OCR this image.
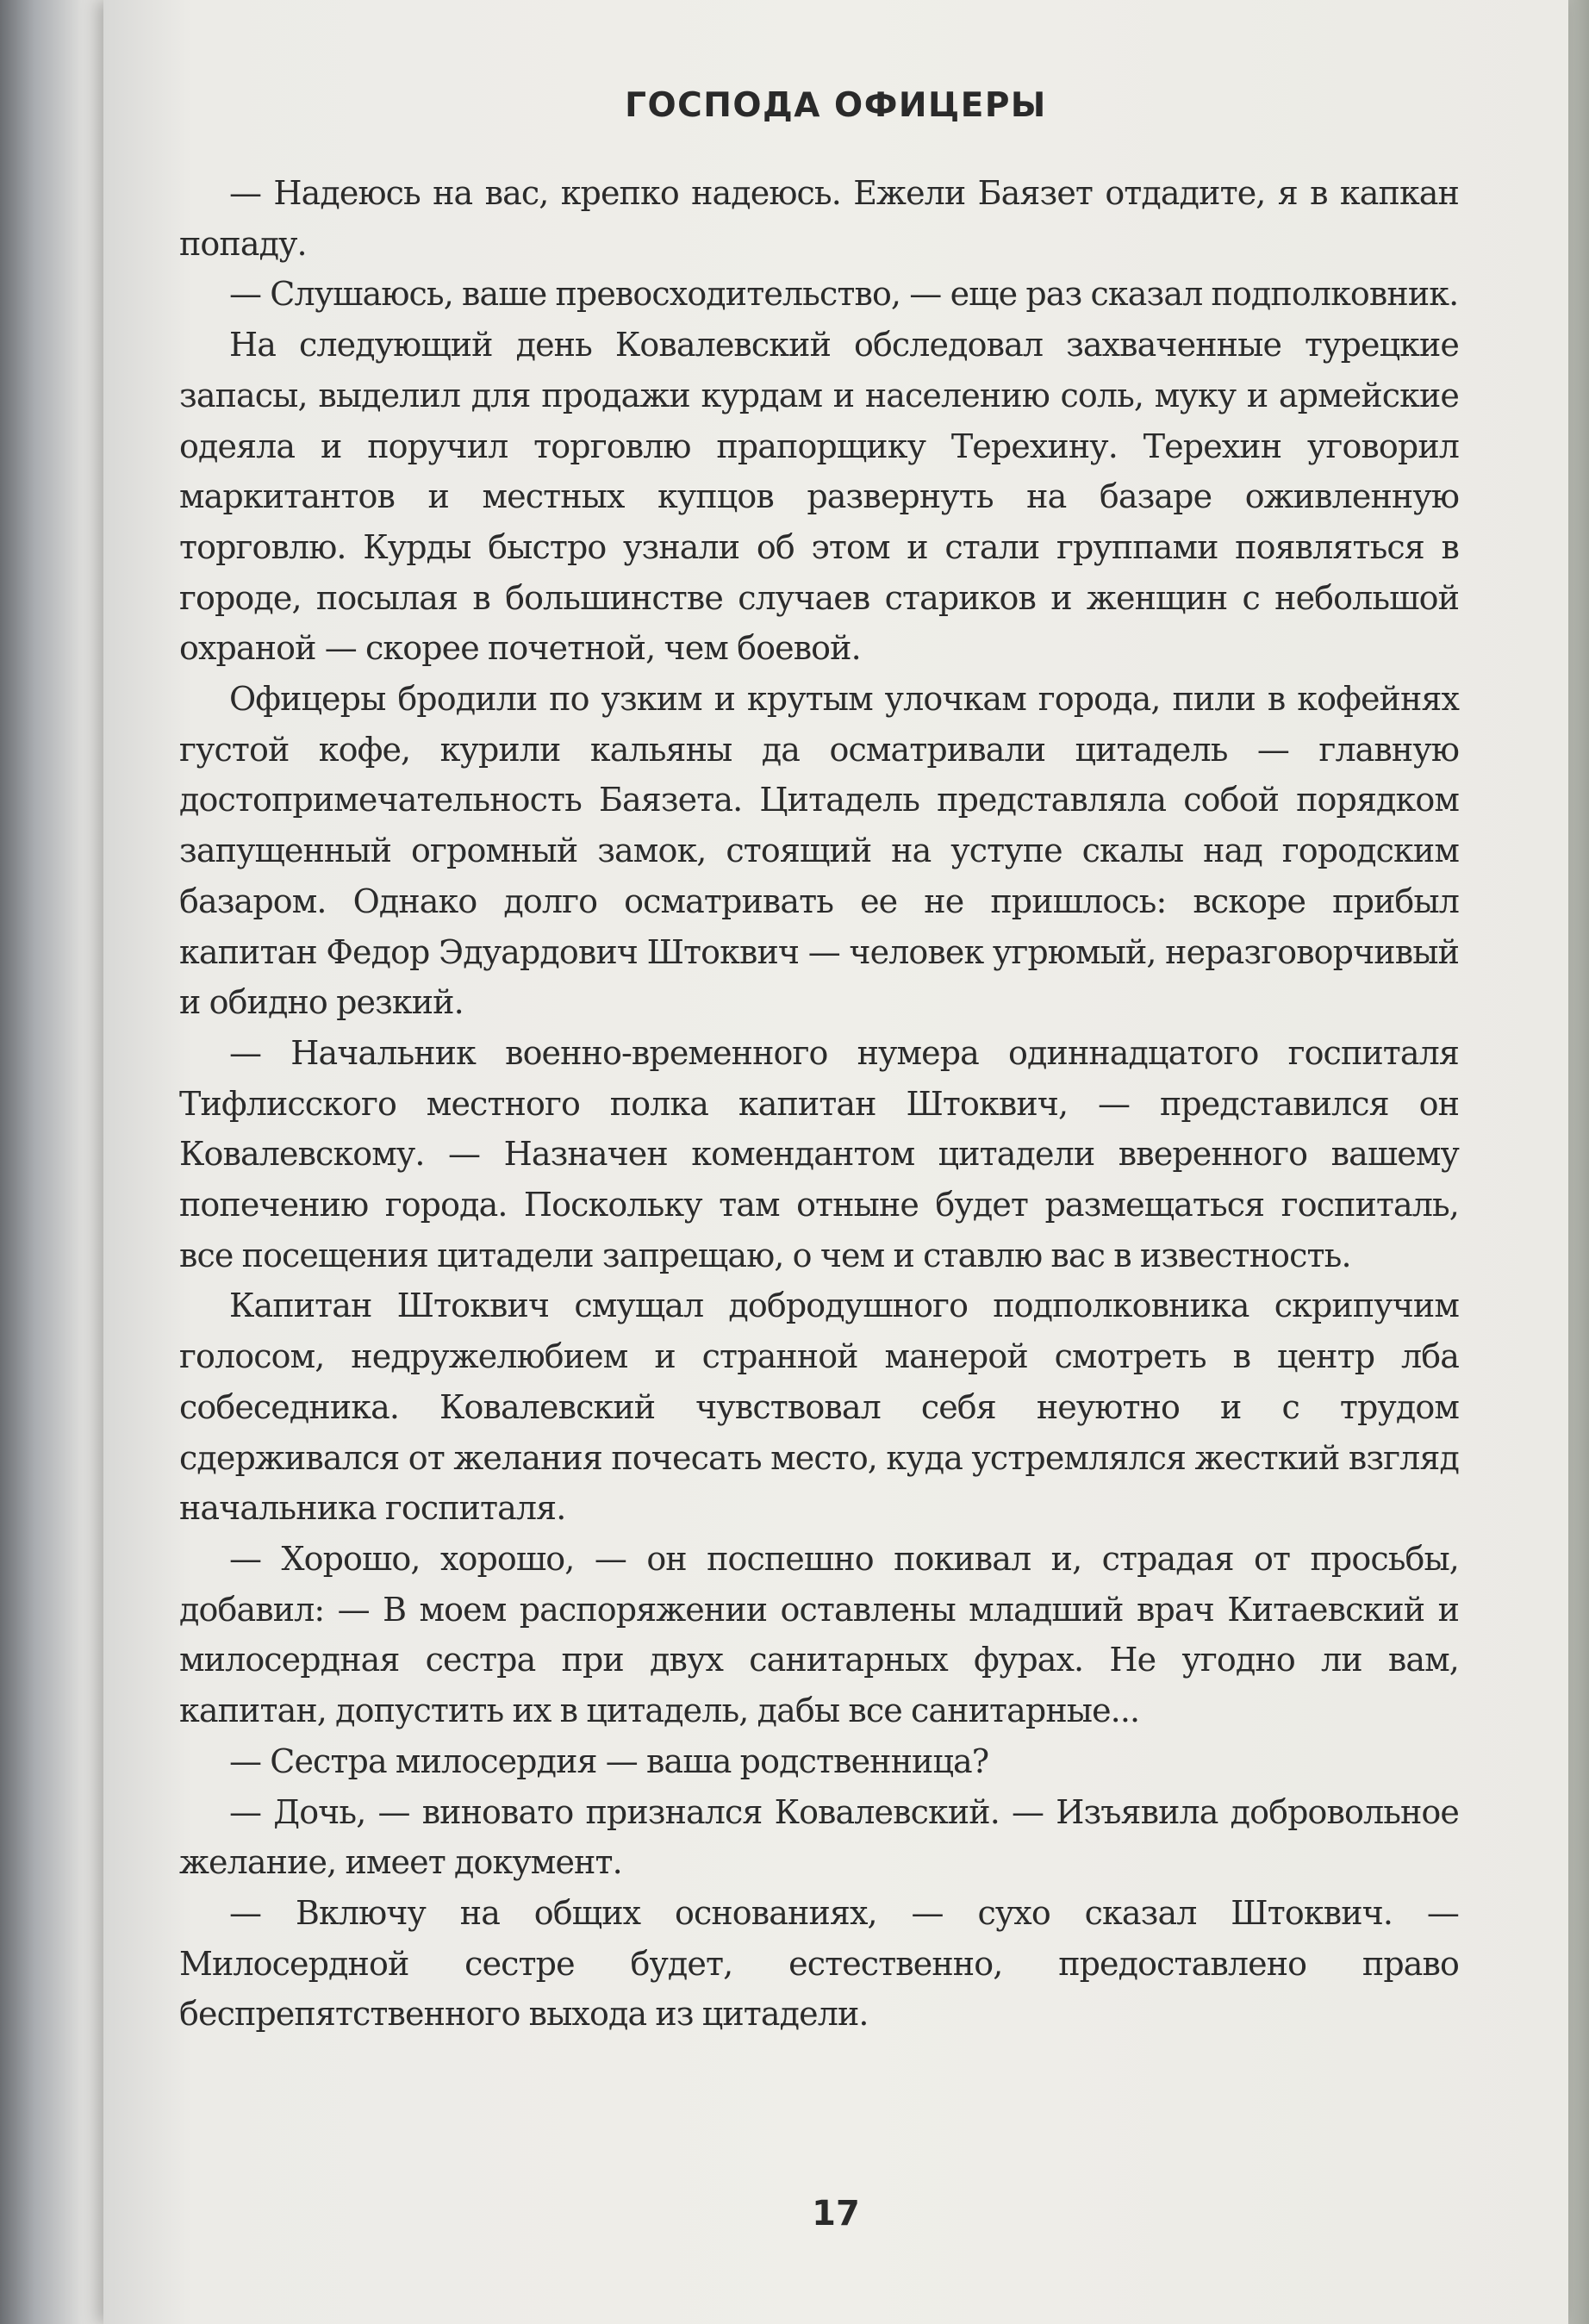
ГОСПОДА ОФИЦЕРЫ

— Надеюсь на вас, крепко надеюсь. Ежели Баязет отдадите, я в капкан попаду.

— Слушаюсь, ваше превосходительство, — еще раз сказал подполковник.

На следующий день Ковалевский обследовал захваченные турецкие запасы, выделил для продажи курдам и населению соль, муку и армейские одеяла и поручил торговлю прапорщику Терехину. Терехин уговорил маркитантов и местных купцов развернуть на базаре оживленную торговлю. Курды быстро узнали об этом и стали группами появляться в городе, посылая в большинстве случаев стариков и женщин с небольшой охраной — скорее почетной, чем боевой.

Офицеры бродили по узким и крутым улочкам города, пили в кофейнях густой кофе, курили кальяны да осматривали цитадель — главную достопримечательность Баязета. Цитадель представляла собой порядком запущенный огромный замок, стоящий на уступе скалы над городским базаром. Однако долго осматривать ее не пришлось: вскоре прибыл капитан Федор Эдуардович Штоквич — человек угрюмый, неразговорчивый и обидно резкий.

— Начальник военно-временного нумера одиннадцатого госпиталя Тифлисского местного полка капитан Штоквич, — представился он Ковалевскому. — Назначен комендантом цитадели вверенного вашему попечению города. Поскольку там отныне будет размещаться госпиталь, все посещения цитадели запрещаю, о чем и ставлю вас в известность.

Капитан Штоквич смущал добродушного подполковника скрипучим голосом, недружелюбием и странной манерой смотреть в центр лба собеседника. Ковалевский чувствовал себя неуютно и с трудом сдерживался от желания почесать место, куда устремлялся жесткий взгляд начальника госпиталя.

— Хорошо, хорошо, — он поспешно покивал и, страдая от просьбы, добавил: — В моем распоряжении оставлены младший врач Китаевский и милосердная сестра при двух санитарных фурах. Не угодно ли вам, капитан, допустить их в цитадель, дабы все санитарные...

— Сестра милосердия — ваша родственница?

— Дочь, — виновато признался Ковалевский. — Изъявила добровольное желание, имеет документ.

— Включу на общих основаниях, — сухо сказал Штоквич. — Милосердной сестре будет, естественно, предоставлено право беспрепятственного выхода из цитадели.

17
